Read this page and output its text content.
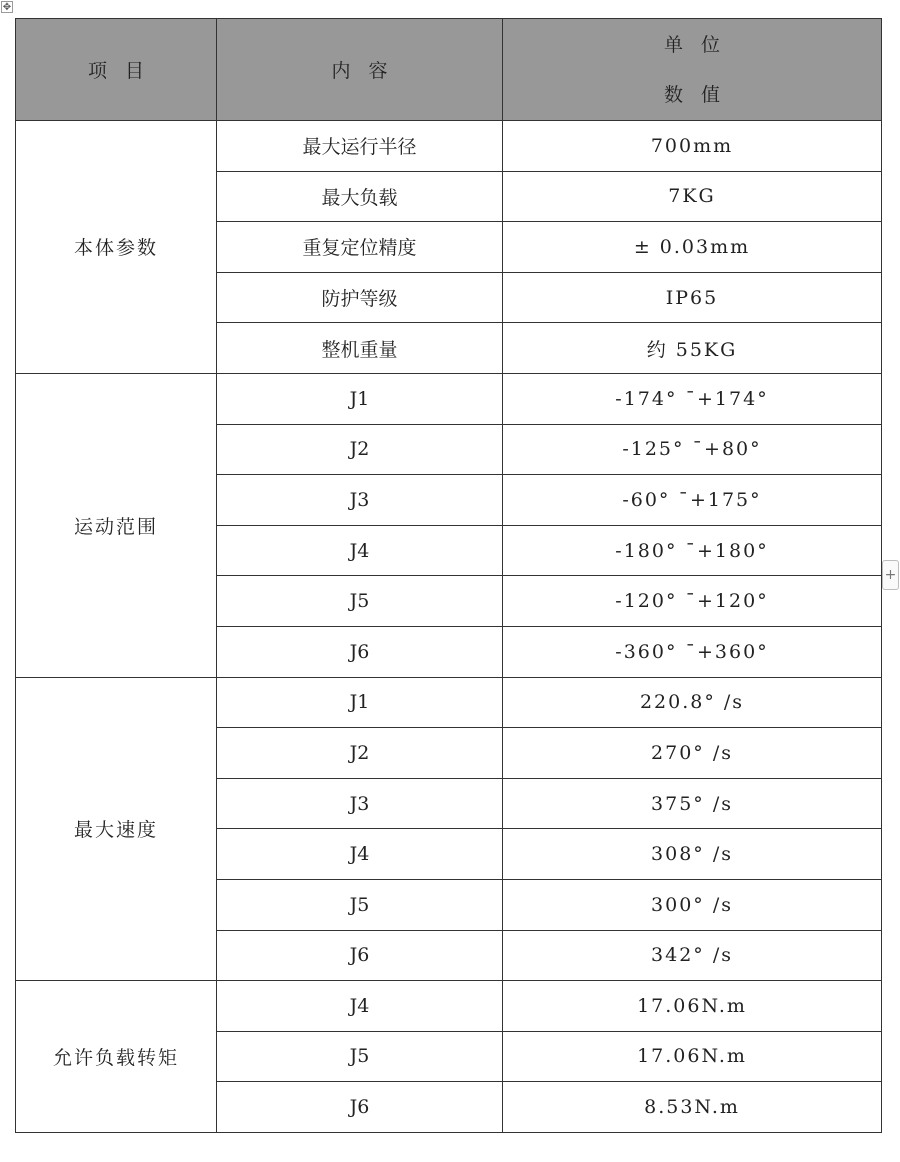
✥
项目	内容	单位
数值

本体参数	最大运行半径	700mm
	最大负载	7KG
	重复定位精度	± 0.03mm
	防护等级	IP65
	整机重量	约 55KG
运动范围	J1	-174° ¯+174°
	J2	-125° ¯+80°
	J3	-60° ¯+175°
	J4	-180° ¯+180°
	J5	-120° ¯+120°
	J6	-360° ¯+360°
最大速度	J1	220.8° /s
	J2	270° /s
	J3	375° /s
	J4	308° /s
	J5	300° /s
	J6	342° /s
允许负载转矩	J4	17.06N.m
	J5	17.06N.m
	J6	8.53N.m
+
